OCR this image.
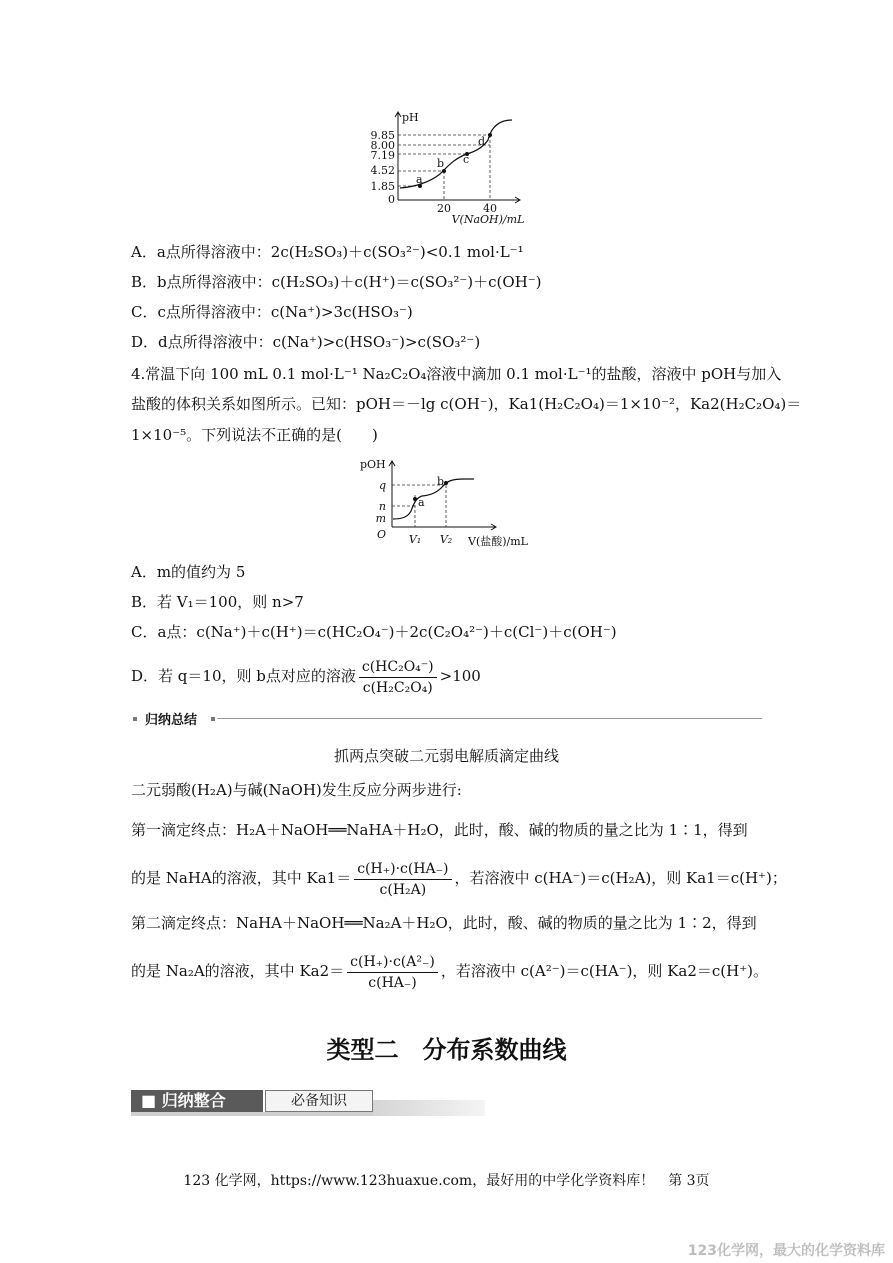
pH
9.85
8.00
7.19
4.52
1.85
0
20	40
V(NaOH)/mL
a
b c
d
A．a点所得溶液中：2c(H₂SO₃)＋c(SO₃²⁻)<0.1 mol·L⁻¹
B．b点所得溶液中：c(H₂SO₃)＋c(H⁺)＝c(SO₃²⁻)＋c(OH⁻)
C．c点所得溶液中：c(Na⁺)>3c(HSO₃⁻)
D．d点所得溶液中：c(Na⁺)>c(HSO₃⁻)>c(SO₃²⁻)
4.常温下向 100 mL 0.1 mol·L⁻¹ Na₂C₂O₄溶液中滴加 0.1 mol·L⁻¹的盐酸，溶液中 pOH与加入
盐酸的体积关系如图所示。已知：pOH＝－lg c(OH⁻)，Ka1(H₂C₂O₄)＝1×10⁻²，Ka2(H₂C₂O₄)＝
1×10⁻⁵。下列说法不正确的是(　　)
pOH
q
n
m
O V₁ V₂ V(盐酸)/mL
a
b
A．m的值约为 5
B．若 V₁＝100，则 n>7
C．a点：c(Na⁺)＋c(H⁺)＝c(HC₂O₄⁻)＋2c(C₂O₄²⁻)＋c(Cl⁻)＋c(OH⁻)
D．若 q＝10，则 b点对应的溶液 $\frac{\text{c(HC₂O₄⁻)}}{\text{c(H₂C₂O₄)}} >100$
归纳总结
抓两点突破二元弱电解质滴定曲线
二元弱酸(H₂A)与碱(NaOH)发生反应分两步进行:
第一滴定终点：H₂A＋NaOH══NaHA＋H₂O，此时，酸、碱的物质的量之比为 1∶1，得到
的是 NaHA的溶液，其中 $Ka1= \frac{c(H_+)\cdot c(HA_-)}{\text{c(H₂A)}}$ ，若溶液中 c(HA⁻)＝c(H₂A)，则 Ka1＝c(H⁺)；
第二滴定终点：NaHA＋NaOH══Na₂A＋H₂O，此时，酸、碱的物质的量之比为 1∶2，得到
的是 Na₂A的溶液，其中 $Ka2= \frac{\text{c(H₊)·c(A²₋)}}{c(HA_-)}$ ，若溶液中 c(A²⁻)＝c(HA⁻)，则 Ka2＝c(H⁺)。
类型二　分布系数曲线
■ 归纳整合	必备知识
123 化学网，https://www.123huaxue.com，最好用的中学化学资料库！　第 3页
123化学网，最大的化学资料库
